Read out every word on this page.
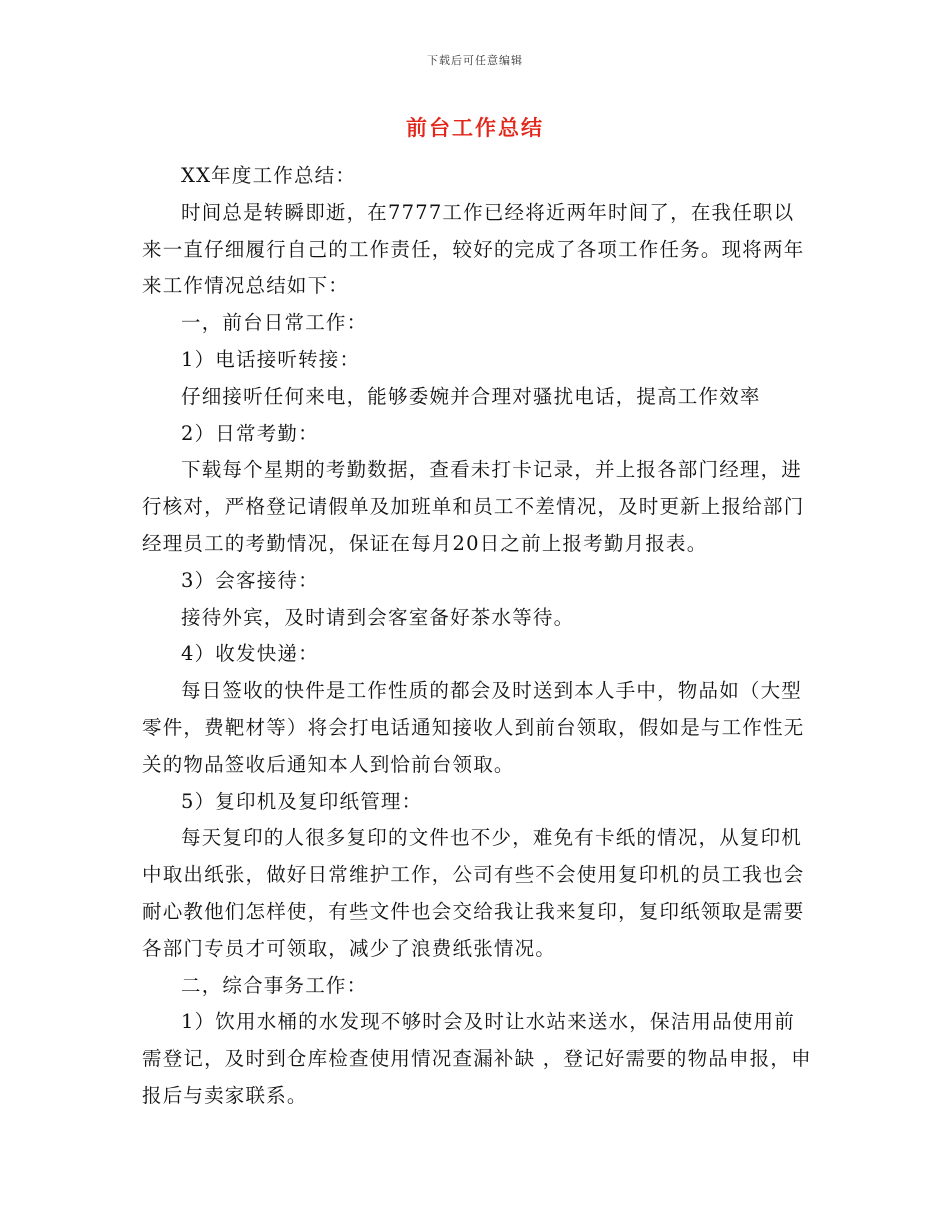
下载后可任意编辑
前台工作总结

XX年度工作总结：

时间总是转瞬即逝，在7777工作已经将近两年时间了，在我任职以来一直仔细履行自己的工作责任，较好的完成了各项工作任务。现将两年来工作情况总结如下：

一，前台日常工作：

1）电话接听转接：

仔细接听任何来电，能够委婉并合理对骚扰电话，提高工作效率

2）日常考勤：

下载每个星期的考勤数据，查看未打卡记录，并上报各部门经理，进行核对，严格登记请假单及加班单和员工不差情况，及时更新上报给部门经理员工的考勤情况，保证在每月20日之前上报考勤月报表。

3）会客接待：

接待外宾，及时请到会客室备好茶水等待。

4）收发快递：

每日签收的快件是工作性质的都会及时送到本人手中，物品如（大型零件，费靶材等）将会打电话通知接收人到前台领取，假如是与工作性无关的物品签收后通知本人到恰前台领取。

5）复印机及复印纸管理：

每天复印的人很多复印的文件也不少，难免有卡纸的情况，从复印机中取出纸张，做好日常维护工作，公司有些不会使用复印机的员工我也会耐心教他们怎样使，有些文件也会交给我让我来复印，复印纸领取是需要各部门专员才可领取，减少了浪费纸张情况。

二，综合事务工作：

1）饮用水桶的水发现不够时会及时让水站来送水，保洁用品使用前需登记，及时到仓库检查使用情况查漏补缺 ，登记好需要的物品申报，申报后与卖家联系。
